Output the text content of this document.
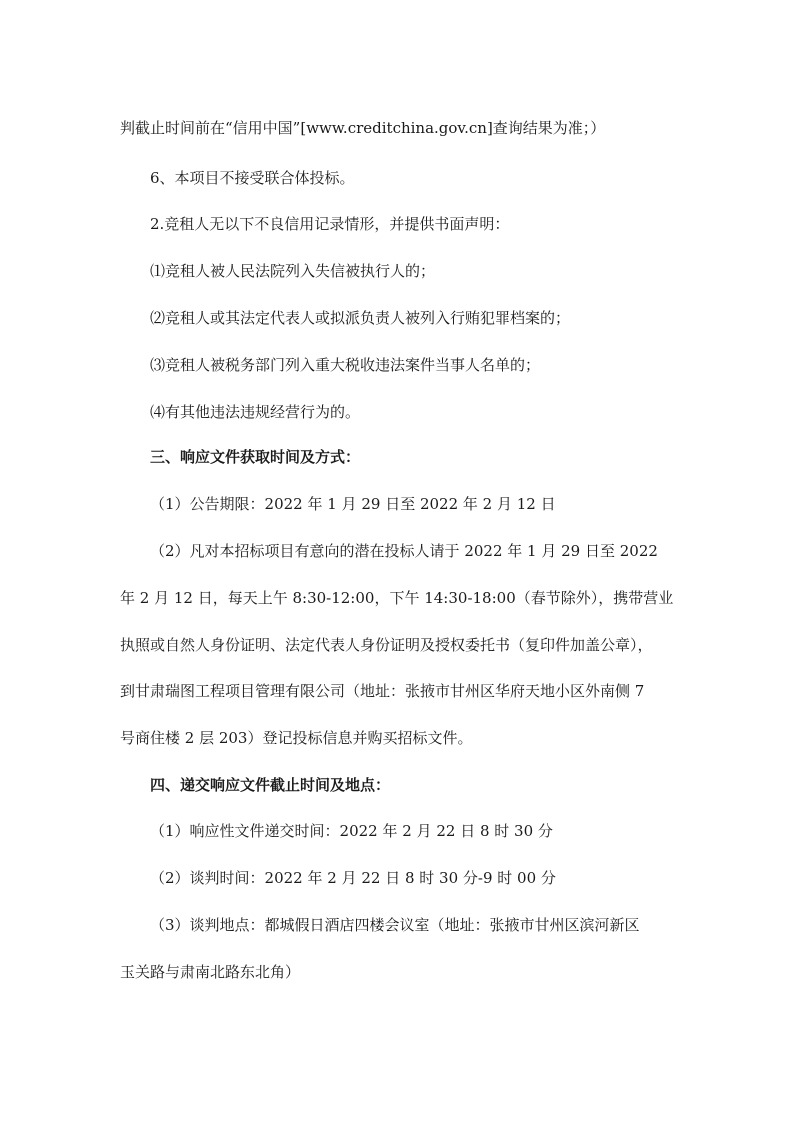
判截止时间前在“信用中国”[www.creditchina.gov.cn]查询结果为准；）
6、本项目不接受联合体投标。
2.竞租人无以下不良信用记录情形，并提供书面声明：
⑴竞租人被人民法院列入失信被执行人的；
⑵竞租人或其法定代表人或拟派负责人被列入行贿犯罪档案的；
⑶竞租人被税务部门列入重大税收违法案件当事人名单的；
⑷有其他违法违规经营行为的。
三、响应文件获取时间及方式：
（1）公告期限：2022 年 1 月 29 日至 2022 年 2 月 12 日
（2）凡对本招标项目有意向的潜在投标人请于 2022 年 1 月 29 日至 2022
年 2 月 12 日，每天上午 8:30-12:00，下午 14:30-18:00（春节除外），携带营业
执照或自然人身份证明、法定代表人身份证明及授权委托书（复印件加盖公章），
到甘肃瑞图工程项目管理有限公司（地址：张掖市甘州区华府天地小区外南侧 7
号商住楼 2 层 203）登记投标信息并购买招标文件。
四、递交响应文件截止时间及地点：
（1）响应性文件递交时间：2022 年 2 月 22 日 8 时 30 分
（2）谈判时间：2022 年 2 月 22 日 8 时 30 分-9 时 00 分
（3）谈判地点：都城假日酒店四楼会议室（地址：张掖市甘州区滨河新区
玉关路与肃南北路东北角）
